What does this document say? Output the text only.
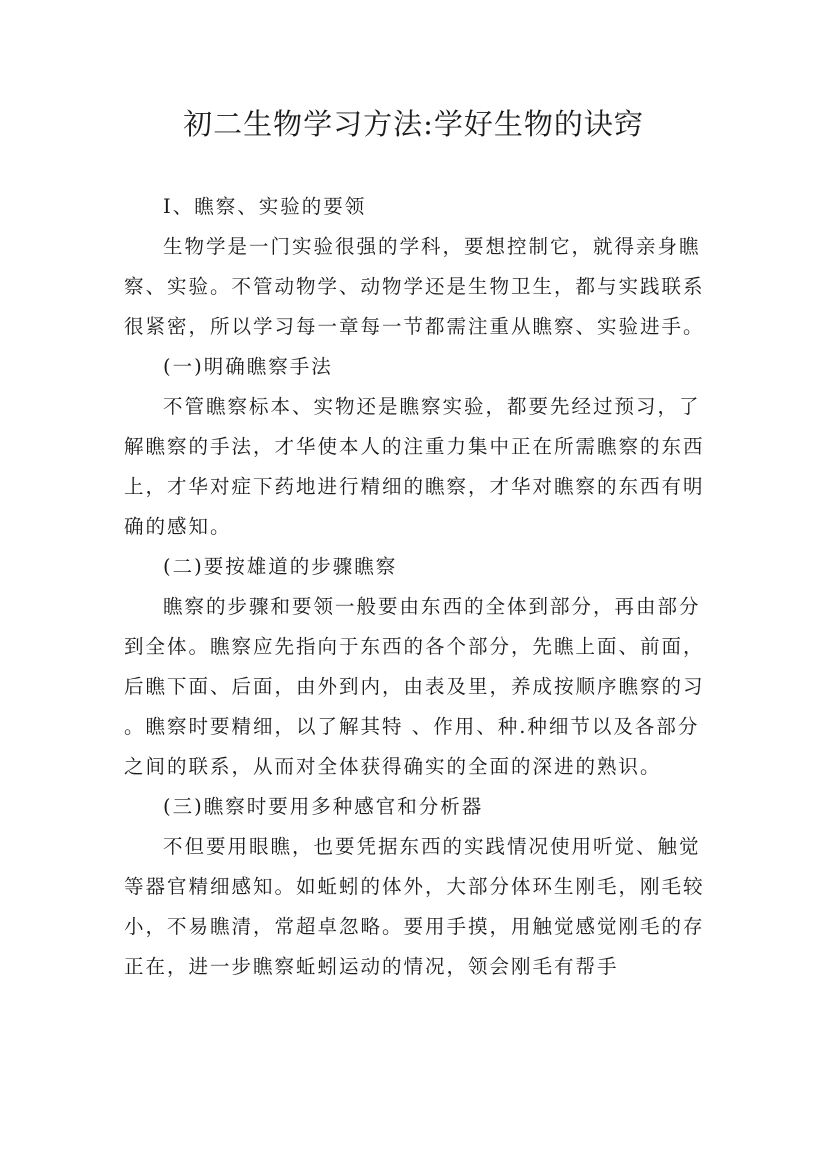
初二生物学习方法:学好生物的诀窍

I、瞧察、实验的要领

生物学是一门实验很强的学科，要想控制它，就得亲身瞧察、实验。不管动物学、动物学还是生物卫生，都与实践联系很紧密，所以学习每一章每一节都需注重从瞧察、实验进手。

(一)明确瞧察手法

不管瞧察标本、实物还是瞧察实验，都要先经过预习，了解瞧察的手法，才华使本人的注重力集中正在所需瞧察的东西上，才华对症下药地进行精细的瞧察，才华对瞧察的东西有明确的感知。

(二)要按雄道的步骤瞧察

瞧察的步骤和要领一般要由东西的全体到部分，再由部分到全体。瞧察应先指向于东西的各个部分，先瞧上面、前面，后瞧下面、后面，由外到内，由表及里，养成按顺序瞧察的习 。瞧察时要精细，以了解其特 、作用、种.种细节以及各部分之间的联系，从而对全体获得确实的全面的深进的熟识。

(三)瞧察时要用多种感官和分析器

不但要用眼瞧，也要凭据东西的实践情况使用听觉、触觉等器官精细感知。如蚯蚓的体外，大部分体环生刚毛，刚毛较小，不易瞧清，常超卓忽略。要用手摸，用触觉感觉刚毛的存正在，进一步瞧察蚯蚓运动的情况，领会刚毛有帮手
